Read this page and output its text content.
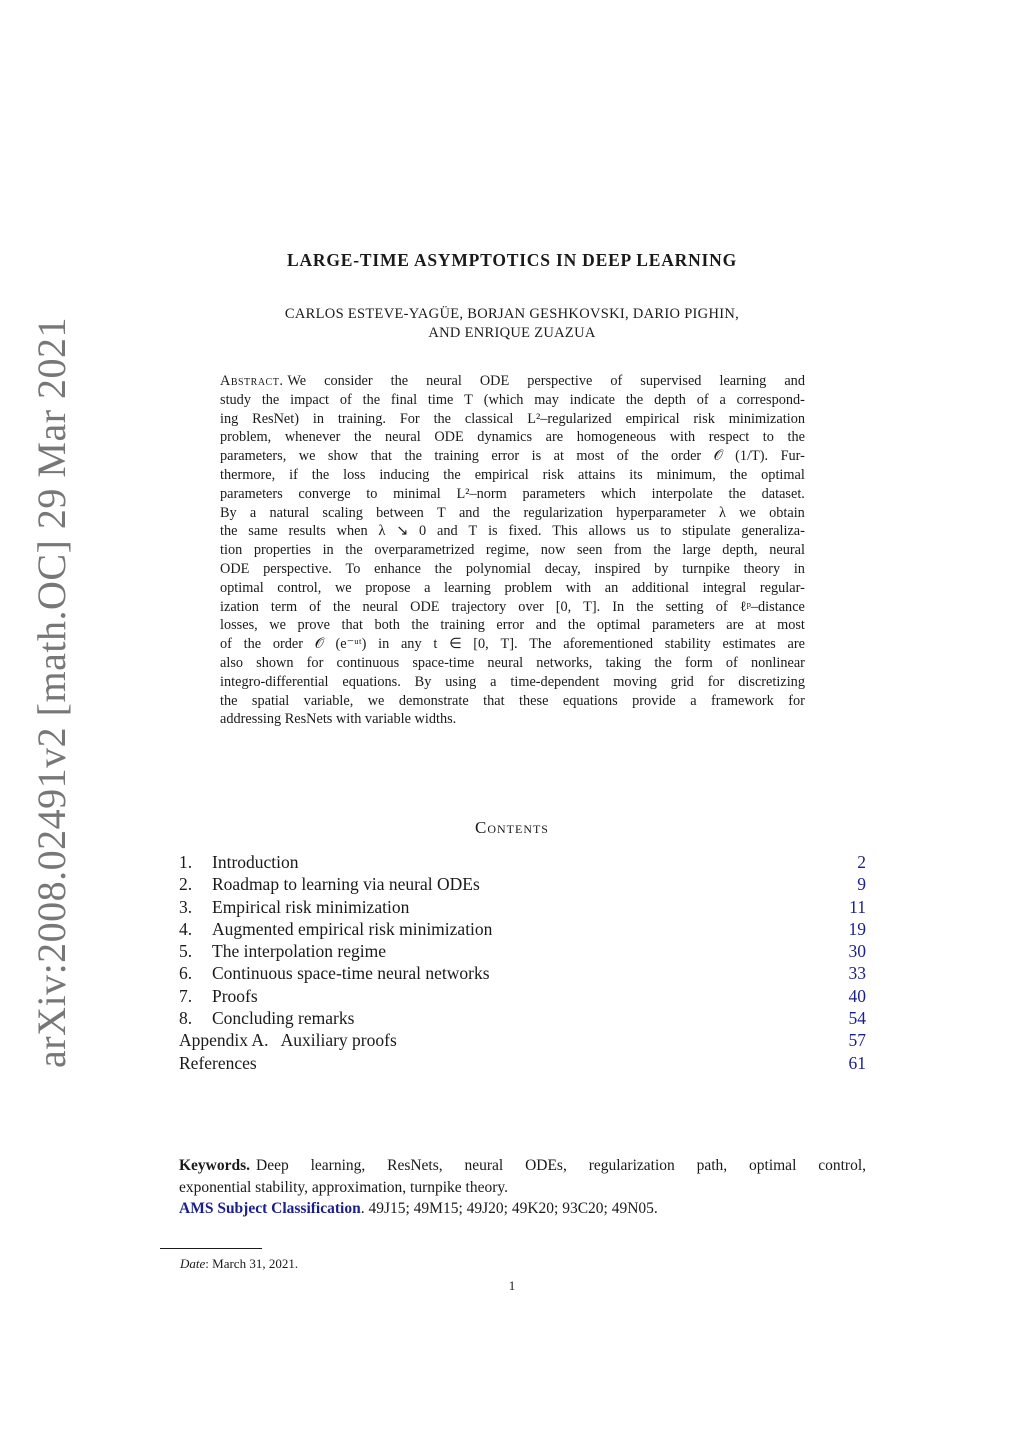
arXiv:2008.02491v2 [math.OC] 29 Mar 2021
LARGE-TIME ASYMPTOTICS IN DEEP LEARNING
CARLOS ESTEVE-YAGÜE, BORJAN GESHKOVSKI, DARIO PIGHIN,
AND ENRIQUE ZUAZUA
Abstract. We consider the neural ODE perspective of supervised learning and
study the impact of the final time T (which may indicate the depth of a correspond-
ing ResNet) in training. For the classical L²–regularized empirical risk minimization
problem, whenever the neural ODE dynamics are homogeneous with respect to the
parameters, we show that the training error is at most of the order 𝒪 (1/T). Fur-
thermore, if the loss inducing the empirical risk attains its minimum, the optimal
parameters converge to minimal L²–norm parameters which interpolate the dataset.
By a natural scaling between T and the regularization hyperparameter λ we obtain
the same results when λ ↘ 0 and T is fixed. This allows us to stipulate generaliza-
tion properties in the overparametrized regime, now seen from the large depth, neural
ODE perspective. To enhance the polynomial decay, inspired by turnpike theory in
optimal control, we propose a learning problem with an additional integral regular-
ization term of the neural ODE trajectory over [0, T]. In the setting of ℓᵖ–distance
losses, we prove that both the training error and the optimal parameters are at most
of the order 𝒪 (e⁻ᵘᵗ) in any t ∈ [0, T]. The aforementioned stability estimates are
also shown for continuous space-time neural networks, taking the form of nonlinear
integro-differential equations. By using a time-dependent moving grid for discretizing
the spatial variable, we demonstrate that these equations provide a framework for
addressing ResNets with variable widths.
Contents
1.	Introduction	2
2.	Roadmap to learning via neural ODEs	9
3.	Empirical risk minimization	11
4.	Augmented empirical risk minimization	19
5.	The interpolation regime	30
6.	Continuous space-time neural networks	33
7.	Proofs	40
8.	Concluding remarks	54
Appendix A.   Auxiliary proofs	57
References	61
Keywords. Deep learning, ResNets, neural ODEs, regularization path, optimal control,
exponential stability, approximation, turnpike theory.
AMS Subject Classification. 49J15; 49M15; 49J20; 49K20; 93C20; 49N05.
Date: March 31, 2021.
1
